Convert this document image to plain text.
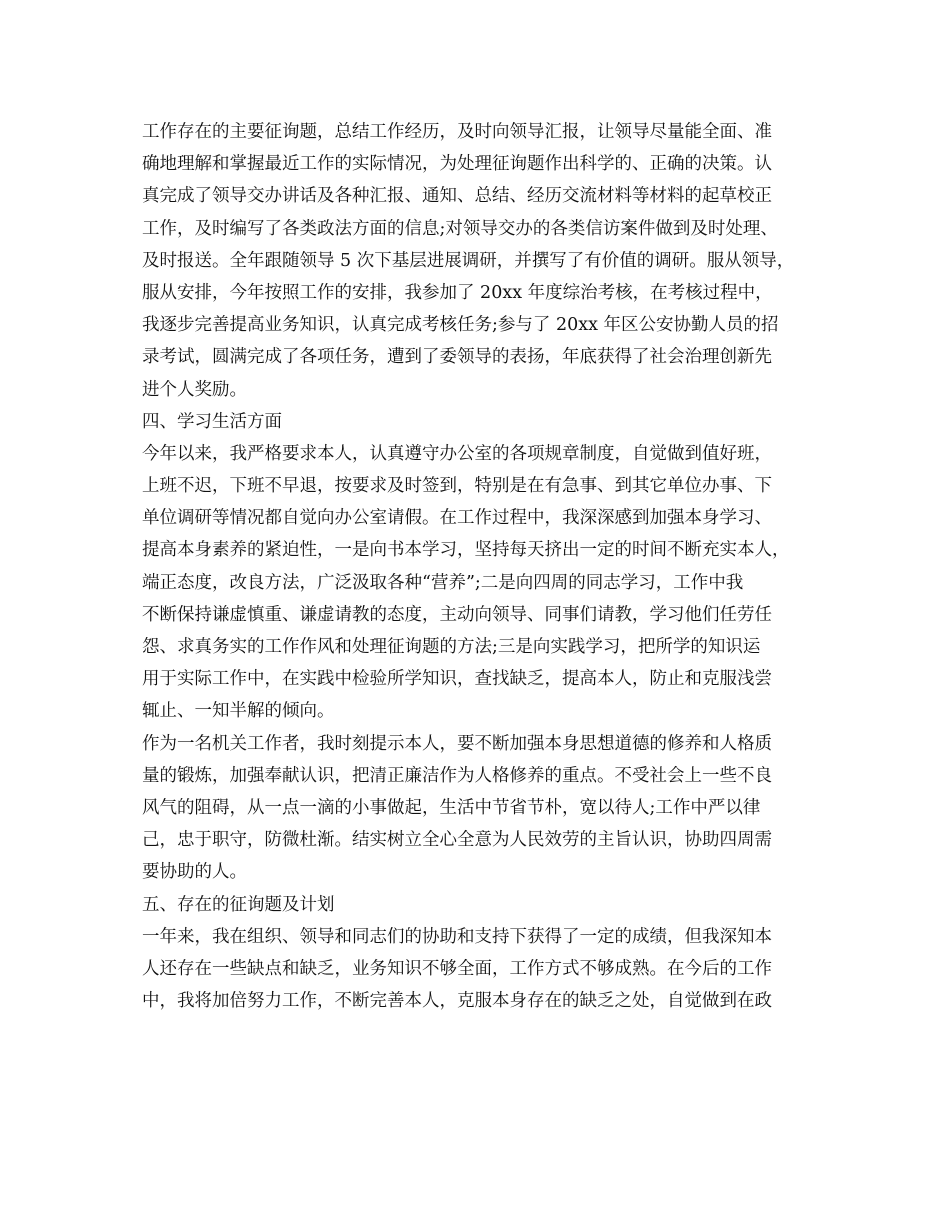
工作存在的主要征询题，总结工作经历，及时向领导汇报，让领导尽量能全面、准
确地理解和掌握最近工作的实际情况，为处理征询题作出科学的、正确的决策。认
真完成了领导交办讲话及各种汇报、通知、总结、经历交流材料等材料的起草校正
工作，及时编写了各类政法方面的信息;对领导交办的各类信访案件做到及时处理、
及时报送。全年跟随领导 5 次下基层进展调研，并撰写了有价值的调研。服从领导，
服从安排，今年按照工作的安排，我参加了 20xx 年度综治考核，在考核过程中，
我逐步完善提高业务知识，认真完成考核任务;参与了 20xx 年区公安协勤人员的招
录考试，圆满完成了各项任务，遭到了委领导的表扬，年底获得了社会治理创新先
进个人奖励。
四、学习生活方面
今年以来，我严格要求本人，认真遵守办公室的各项规章制度，自觉做到值好班，
上班不迟，下班不早退，按要求及时签到，特别是在有急事、到其它单位办事、下
单位调研等情况都自觉向办公室请假。在工作过程中，我深深感到加强本身学习、
提高本身素养的紧迫性，一是向书本学习，坚持每天挤出一定的时间不断充实本人，
端正态度，改良方法，广泛汲取各种“营养”;二是向四周的同志学习，工作中我
不断保持谦虚慎重、谦虚请教的态度，主动向领导、同事们请教，学习他们任劳任
怨、求真务实的工作作风和处理征询题的方法;三是向实践学习，把所学的知识运
用于实际工作中，在实践中检验所学知识，查找缺乏，提高本人，防止和克服浅尝
辄止、一知半解的倾向。
作为一名机关工作者，我时刻提示本人，要不断加强本身思想道德的修养和人格质
量的锻炼，加强奉献认识，把清正廉洁作为人格修养的重点。不受社会上一些不良
风气的阻碍，从一点一滴的小事做起，生活中节省节朴，宽以待人;工作中严以律
己，忠于职守，防微杜渐。结实树立全心全意为人民效劳的主旨认识，协助四周需
要协助的人。
五、存在的征询题及计划
一年来，我在组织、领导和同志们的协助和支持下获得了一定的成绩，但我深知本
人还存在一些缺点和缺乏，业务知识不够全面，工作方式不够成熟。在今后的工作
中，我将加倍努力工作，不断完善本人，克服本身存在的缺乏之处，自觉做到在政
